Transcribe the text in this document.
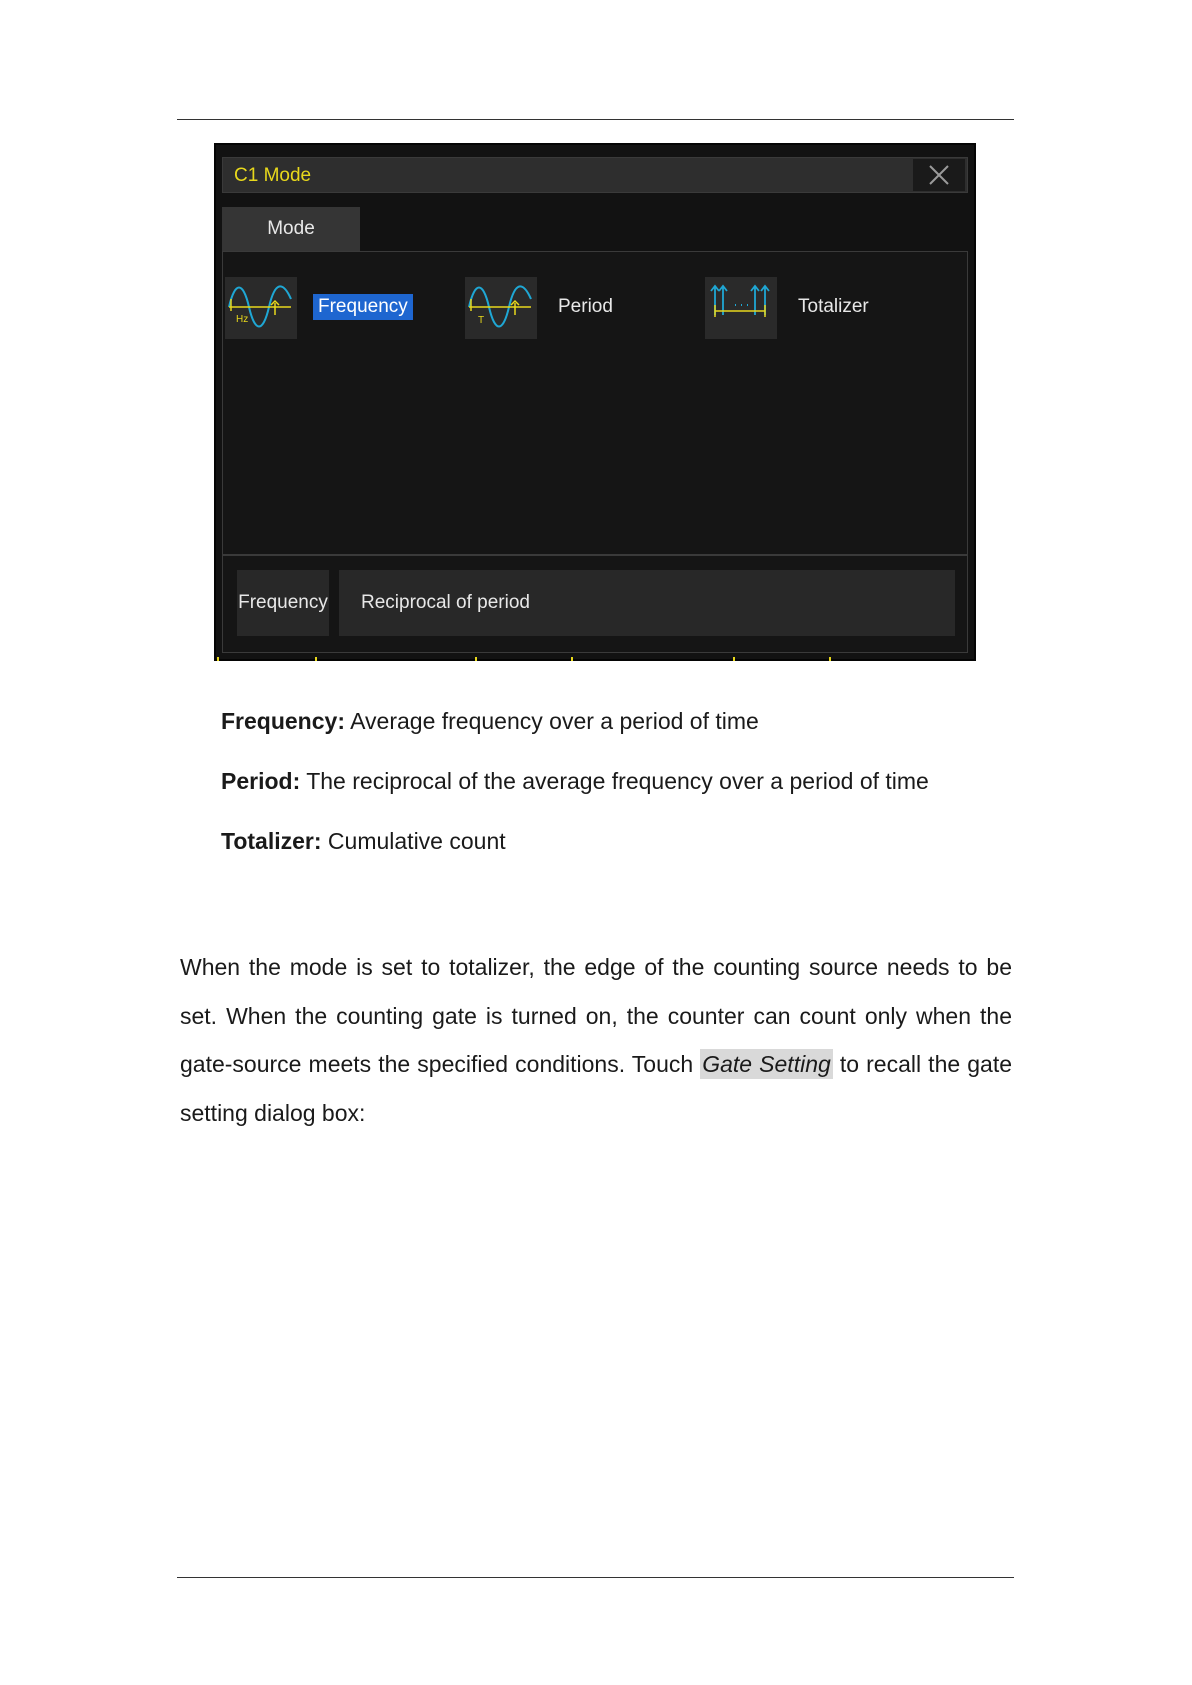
C1 Mode
Mode
Hz
Frequency
T
Period	Totalizer
Frequency	Reciprocal of period
Frequency: Average frequency over a period of time
Period: The reciprocal of the average frequency over a period of time
Totalizer: Cumulative count
When the mode is set to totalizer, the edge of the counting source needs to be set. When the counting gate is turned on, the counter can count only when the gate-source meets the specified conditions. Touch Gate Setting to recall the gate setting dialog box:
